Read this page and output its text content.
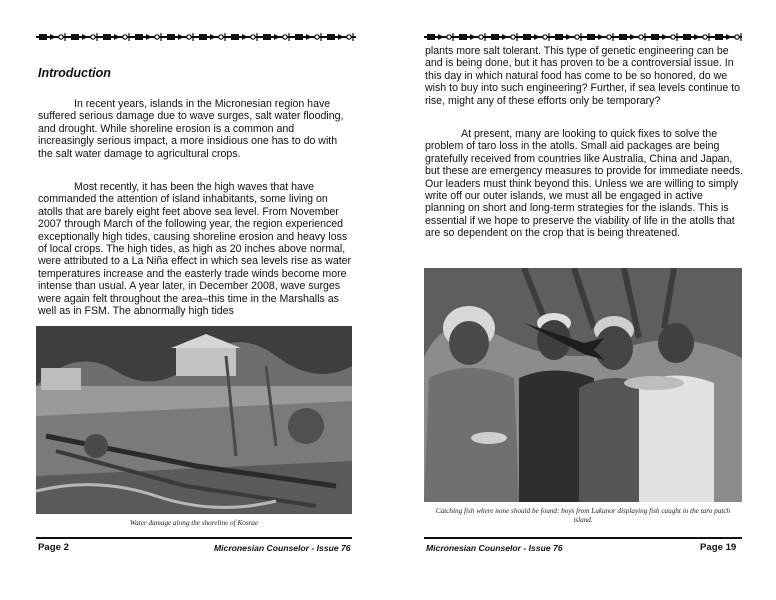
Introduction

In recent years, islands in the Micronesian region have suffered serious damage due to wave surges, salt water flooding, and drought. While shoreline erosion is a common and increasingly serious impact, a more insidious one has to do with the salt water damage to agricultural crops.

Most recently, it has been the high waves that have commanded the attention of island inhabitants, some living on atolls that are barely eight feet above sea level. From November 2007 through March of the following year, the region experienced exceptionally high tides, causing shoreline erosion and heavy loss of local crops. The high tides, as high as 20 inches above normal, were attributed to a La Niña effect in which sea levels rise as water temperatures increase and the easterly trade winds become more intense than usual. A year later, in December 2008, wave surges were again felt throughout the area–this time in the Marshalls as well as in FSM. The abnormally high tides

Water damage along the shoreline of Kosrae
Page 2	Micronesian Counselor - Issue 76

plants more salt tolerant. This type of genetic engineering can be and is being done, but it has proven to be a controversial issue. In this day in which natural food has come to be so honored, do we wish to buy into such engineering? Further, if sea levels continue to rise, might any of these efforts only be temporary?

At present, many are looking to quick fixes to solve the problem of taro loss in the atolls. Small aid packages are being gratefully received from countries like Australia, China and Japan, but these are emergency measures to provide for immediate needs. Our leaders must think beyond this. Unless we are willing to simply write off our outer islands, we must all be engaged in active planning on short and long-term strategies for the islands. This is essential if we hope to preserve the viability of life in the atolls that are so dependent on the crop that is being threatened.

Catching fish where none should be found: boys from Lukunor displaying fish caught in the taro patch island.
Micronesian Counselor - Issue 76	Page 19
